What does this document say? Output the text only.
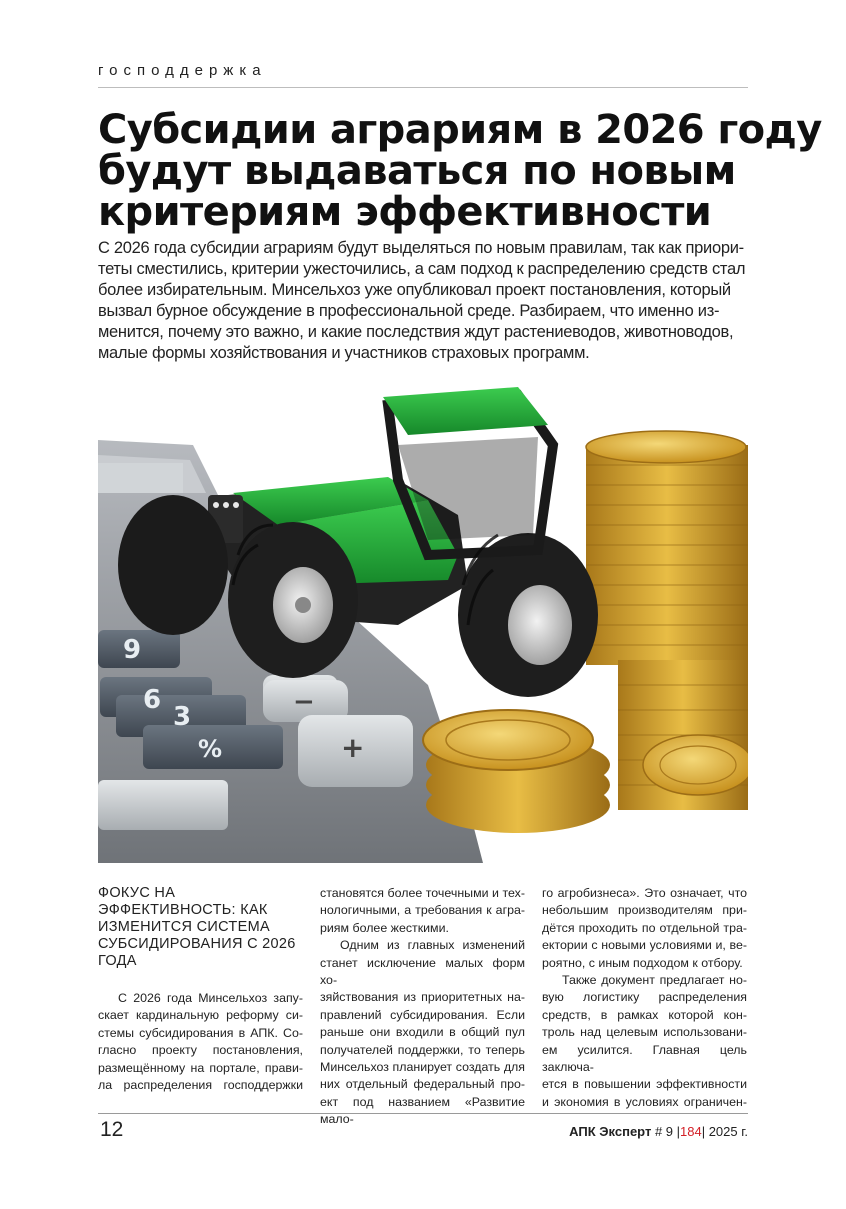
господдержка
Субсидии аграриям в 2026 году
будут выдаваться по новым
критериям эффективности
С 2026 года субсидии аграриям будут выделяться по новым правилам, так как приори-
теты сместились, критерии ужесточились, а сам подход к распределению средств стал
более избирательным. Минсельхоз уже опубликовал проект постановления, который
вызвал бурное обсуждение в профессиональной среде. Разбираем, что именно из-
менится, почему это важно, и какие последствия ждут растениеводов, животноводов,
малые формы хозяйствования и участников страховых программ.
9
6
3
%
−
+
ФОКУС НА
ЭФФЕКТИВНОСТЬ: КАК
ИЗМЕНИТСЯ СИСТЕМА
СУБСИДИРОВАНИЯ С 2026
ГОДА
С 2026 года Минсельхоз запу-
скает кардинальную реформу си-
стемы субсидирования в АПК. Со-
гласно проекту постановления,
размещённому на портале, прави-
ла распределения господдержки
становятся более точечными и тех-
нологичными, а требования к агра-
риям более жесткими.
Одним из главных изменений
станет исключение малых форм хо-
зяйствования из приоритетных на-
правлений субсидирования. Если
раньше они входили в общий пул
получателей поддержки, то теперь
Минсельхоз планирует создать для
них отдельный федеральный про-
ект под названием «Развитие мало-
го агробизнеса». Это означает, что
небольшим производителям при-
дётся проходить по отдельной тра-
ектории с новыми условиями и, ве-
роятно, с иным подходом к отбору.
Также документ предлагает но-
вую логистику распределения
средств, в рамках которой кон-
троль над целевым использовани-
ем усилится. Главная цель заключа-
ется в повышении эффективности
и экономия в условиях ограничен-
12	АПК Эксперт # 9 |184| 2025 г.
